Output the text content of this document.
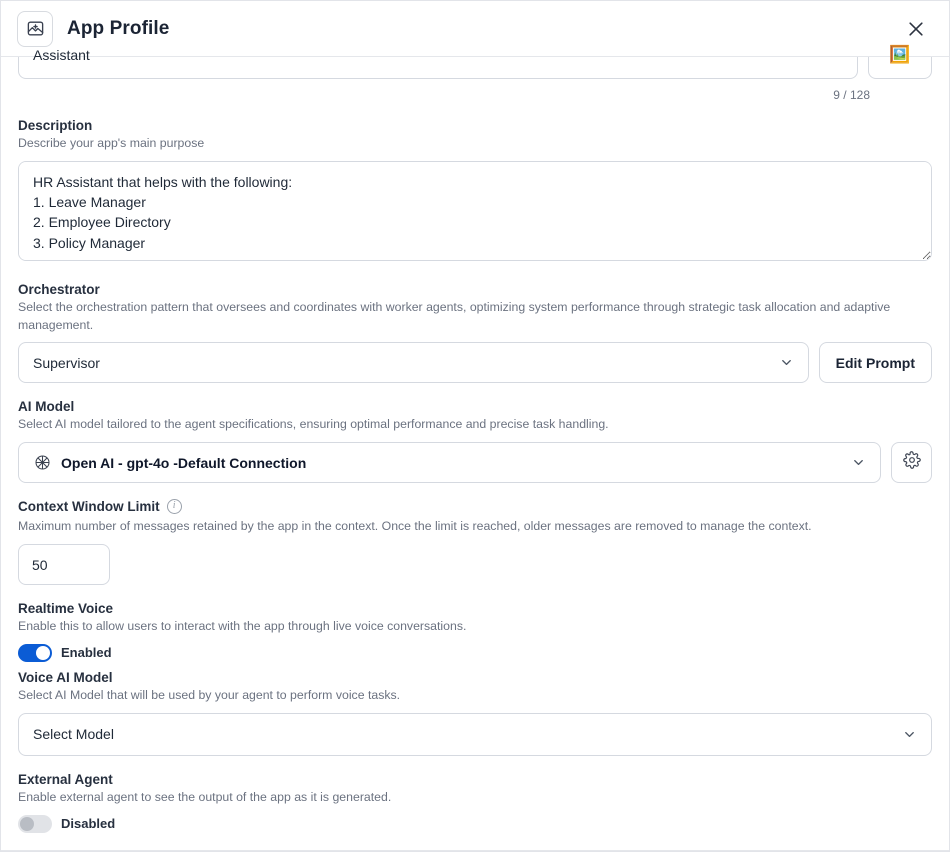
App Profile
Assistant	🖼️
9 / 128
Description
Describe your app's main purpose
HR Assistant that helps with the following: 1. Leave Manager 2. Employee Directory 3. Policy Manager
Orchestrator
Select the orchestration pattern that oversees and coordinates with worker agents, optimizing system performance through strategic task allocation and adaptive management.
Supervisor	Edit Prompt
AI Model
Select AI model tailored to the agent specifications, ensuring optimal performance and precise task handling.
Open AI - gpt-4o -Default Connection
Context Window Limit	i
Maximum number of messages retained by the app in the context. Once the limit is reached, older messages are removed to manage the context.
50
Realtime Voice
Enable this to allow users to interact with the app through live voice conversations.
Enabled
Voice AI Model
Select AI Model that will be used by your agent to perform voice tasks.
Select Model
External Agent
Enable external agent to see the output of the app as it is generated.
Disabled
